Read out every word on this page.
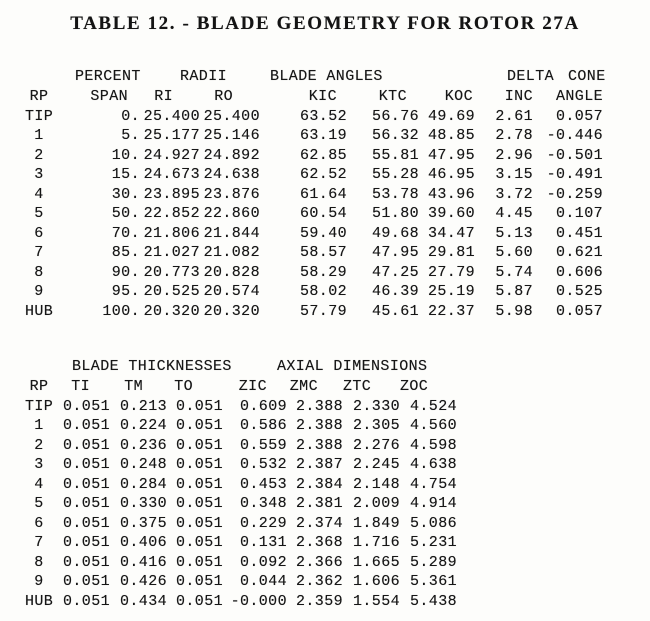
TABLE 12. - BLADE GEOMETRY FOR ROTOR 27A
PERCENT	RADII	BLADE ANGLES	DELTA CONE
RP	SPAN	RI	RO	KIC	KTC	KOC	INC	ANGLE
TIP	0.	25.400	25.400	63.52	56.76	49.69	2.61	0.057
1	5.	25.177	25.146	63.19	56.32	48.85	2.78	-0.446
2	10.	24.927	24.892	62.85	55.81	47.95	2.96	-0.501
3	15.	24.673	24.638	62.52	55.28	46.95	3.15	-0.491
4	30.	23.895	23.876	61.64	53.78	43.96	3.72	-0.259
5	50.	22.852	22.860	60.54	51.80	39.60	4.45	0.107
6	70.	21.806	21.844	59.40	49.68	34.47	5.13	0.451
7	85.	21.027	21.082	58.57	47.95	29.81	5.60	0.621
8	90.	20.773	20.828	58.29	47.25	27.79	5.74	0.606
9	95.	20.525	20.574	58.02	46.39	25.19	5.87	0.525
HUB	100.	20.320	20.320	57.79	45.61	22.37	5.98	0.057
BLADE THICKNESSES	AXIAL DIMENSIONS
RP	TI	TM	TO	ZIC	ZMC	ZTC	ZOC
TIP	0.051	0.213	0.051	0.609	2.388	2.330	4.524
1	0.051	0.224	0.051	0.586	2.388	2.305	4.560
2	0.051	0.236	0.051	0.559	2.388	2.276	4.598
3	0.051	0.248	0.051	0.532	2.387	2.245	4.638
4	0.051	0.284	0.051	0.453	2.384	2.148	4.754
5	0.051	0.330	0.051	0.348	2.381	2.009	4.914
6	0.051	0.375	0.051	0.229	2.374	1.849	5.086
7	0.051	0.406	0.051	0.131	2.368	1.716	5.231
8	0.051	0.416	0.051	0.092	2.366	1.665	5.289
9	0.051	0.426	0.051	0.044	2.362	1.606	5.361
HUB	0.051	0.434	0.051	-0.000	2.359	1.554	5.438
